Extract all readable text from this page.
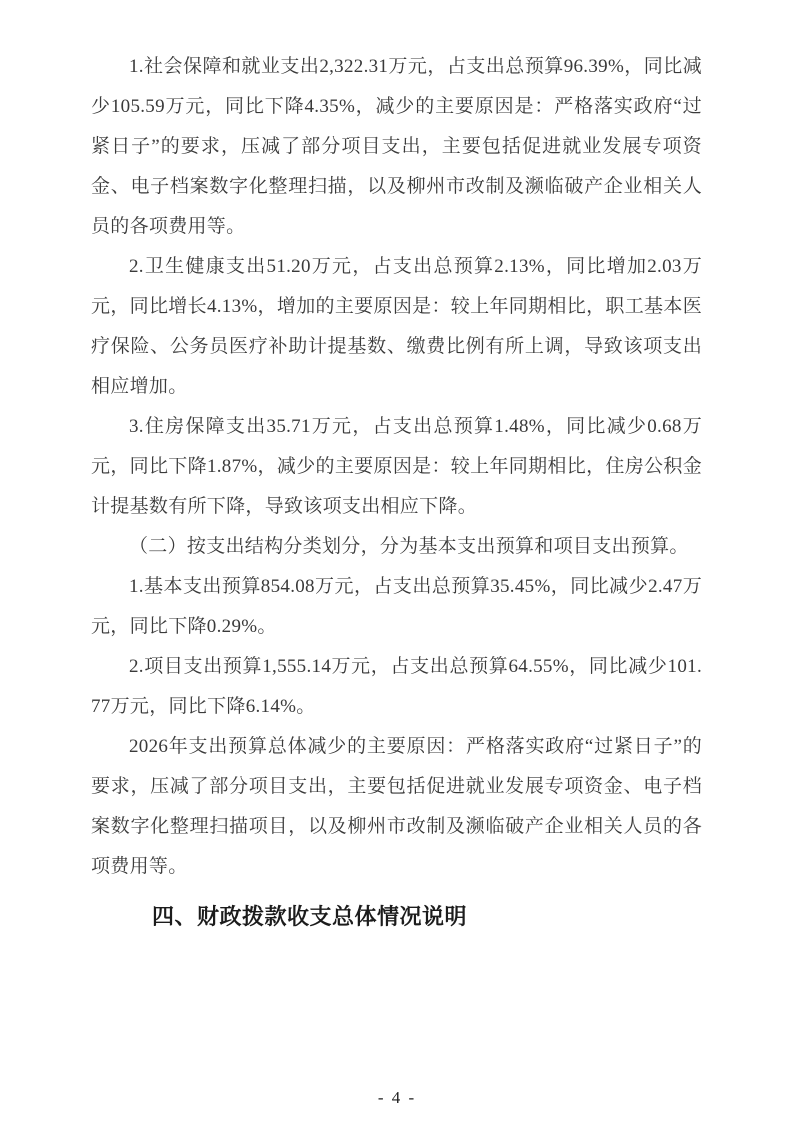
1.社会保障和就业支出2,322.31万元，占支出总预算96.39%，同比减少105.59万元，同比下降4.35%，减少的主要原因是：严格落实政府“过紧日子”的要求，压减了部分项目支出，主要包括促进就业发展专项资金、电子档案数字化整理扫描，以及柳州市改制及濒临破产企业相关人员的各项费用等。

2.卫生健康支出51.20万元，占支出总预算2.13%，同比增加2.03万元，同比增长4.13%，增加的主要原因是：较上年同期相比，职工基本医疗保险、公务员医疗补助计提基数、缴费比例有所上调，导致该项支出相应增加。

3.住房保障支出35.71万元，占支出总预算1.48%，同比减少0.68万元，同比下降1.87%，减少的主要原因是：较上年同期相比，住房公积金计提基数有所下降，导致该项支出相应下降。

（二）按支出结构分类划分，分为基本支出预算和项目支出预算。

1.基本支出预算854.08万元，占支出总预算35.45%，同比减少2.47万元，同比下降0.29%。

2.项目支出预算1,555.14万元，占支出总预算64.55%，同比减少101.77万元，同比下降6.14%。

2026年支出预算总体减少的主要原因：严格落实政府“过紧日子”的要求，压减了部分项目支出，主要包括促进就业发展专项资金、电子档案数字化整理扫描项目，以及柳州市改制及濒临破产企业相关人员的各项费用等。

四、财政拨款收支总体情况说明
- 4 -
